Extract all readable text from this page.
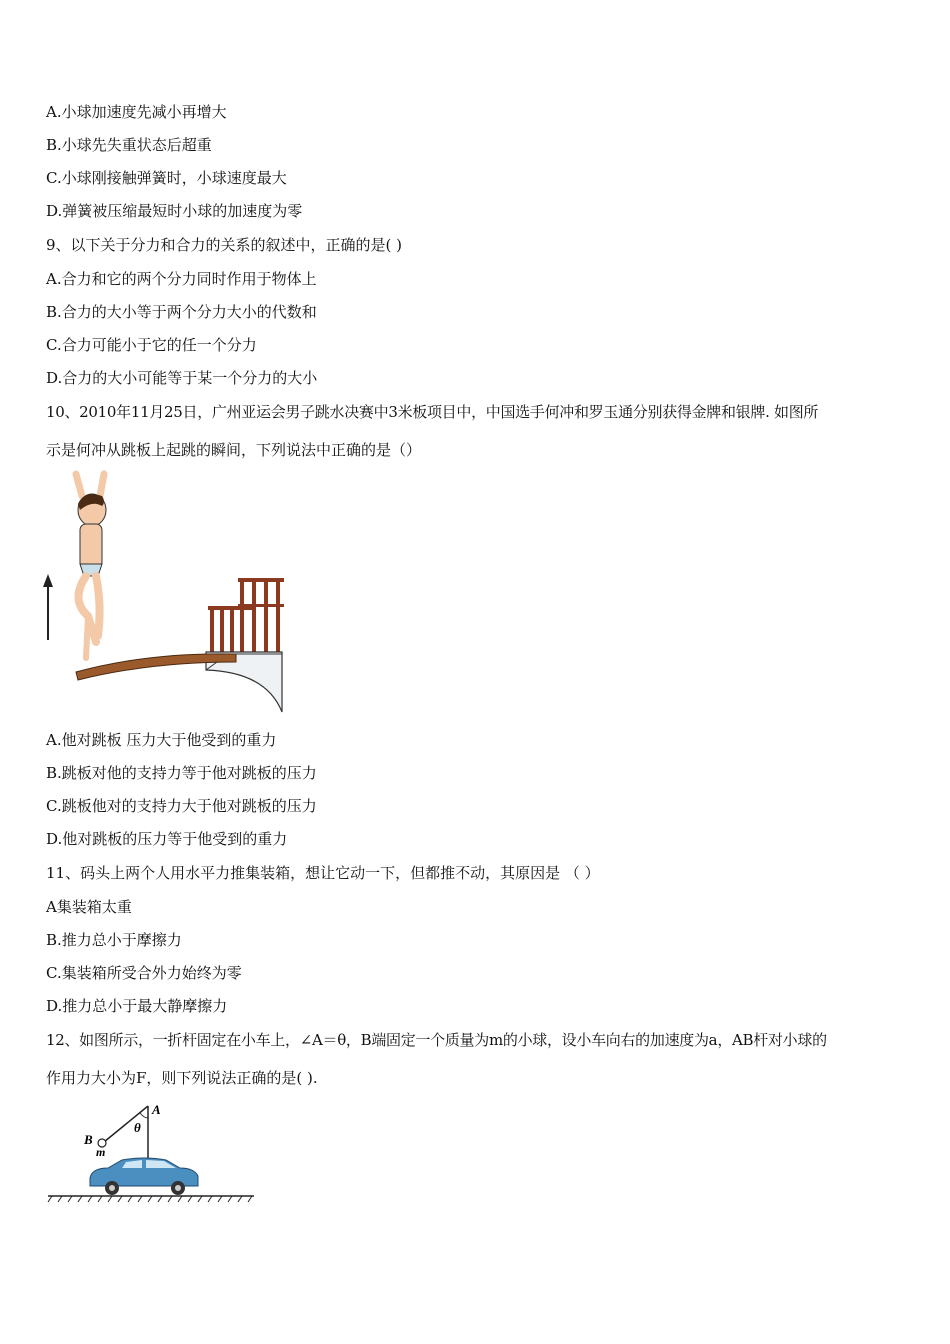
A.小球加速度先减小再增大
B.小球先失重状态后超重
C.小球刚接触弹簧时，小球速度最大
D.弹簧被压缩最短时小球的加速度为零
9、以下关于分力和合力的关系的叙述中，正确的是( )
A.合力和它的两个分力同时作用于物体上
B.合力的大小等于两个分力大小的代数和
C.合力可能小于它的任一个分力
D.合力的大小可能等于某一个分力的大小
10、2010年11月25日，广州亚运会男子跳水决赛中3米板项目中，中国选手何冲和罗玉通分别获得金牌和银牌. 如图所
示是何冲从跳板上起跳的瞬间，下列说法中正确的是（）
A.他对跳板 压力大于他受到的重力
B.跳板对他的支持力等于他对跳板的压力
C.跳板他对的支持力大于他对跳板的压力
D.他对跳板的压力等于他受到的重力
11、码头上两个人用水平力推集装箱，想让它动一下，但都推不动，其原因是 （ ）
A集装箱太重
B.推力总小于摩擦力
C.集装箱所受合外力始终为零
D.推力总小于最大静摩擦力
12、如图所示，一折杆固定在小车上，∠A＝θ，B端固定一个质量为m的小球，设小车向右的加速度为a，AB杆对小球的
作用力大小为F，则下列说法正确的是( ).
A
B
θ
m
